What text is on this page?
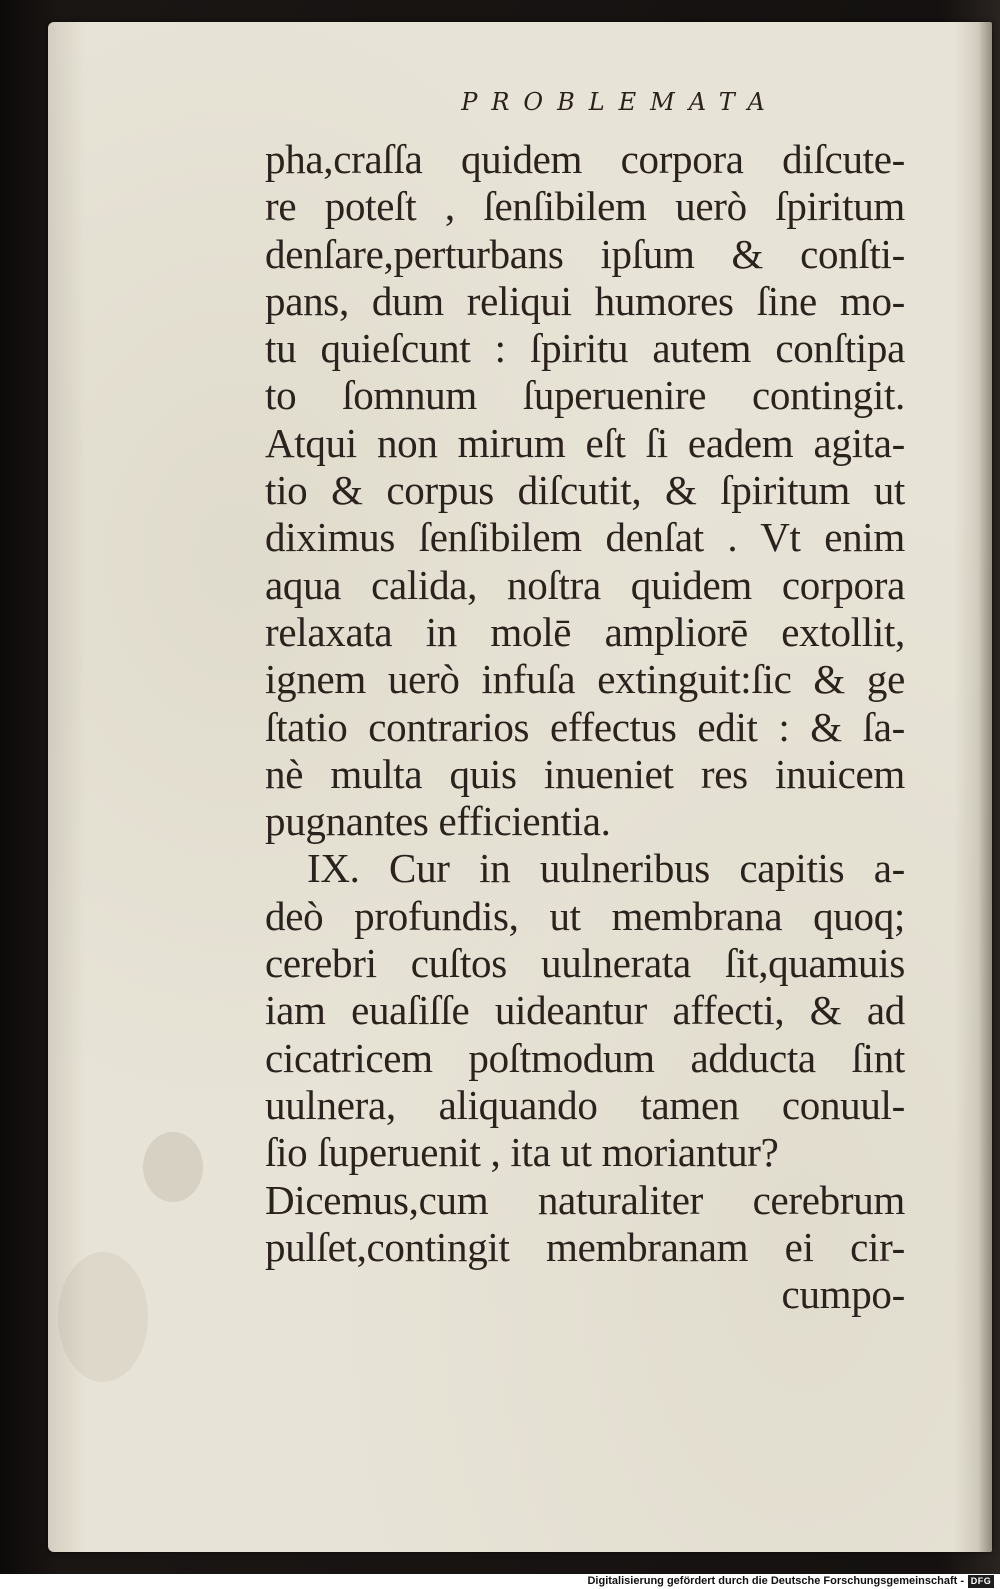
PROBLEMATA
pha,craſſa quidem corpora diſcute-
re poteſt , ſenſibilem uerò ſpiritum
denſare,perturbans ipſum & conſti-
pans, dum reliqui humores ſine mo-
tu quieſcunt : ſpiritu autem conſtipa
to ſomnum ſuperuenire contingit.
Atqui non mirum eſt ſi eadem agita-
tio & corpus diſcutit, & ſpiritum ut
diximus ſenſibilem denſat . Vt enim
aqua calida, noſtra quidem corpora
relaxata in molē ampliorē extollit,
ignem uerò infuſa extinguit:ſic & ge
ſtatio contrarios effectus edit : & ſa-
nè multa quis inueniet res inuicem
pugnantes efficientia.
IX. Cur in uulneribus capitis a-
deò profundis, ut membrana quoq;
cerebri cuſtos uulnerata ſit,quamuis
iam euaſiſſe uideantur affecti, & ad
cicatricem poſtmodum adducta ſint
uulnera, aliquando tamen conuul-
ſio ſuperuenit , ita ut moriantur?
Dicemus,cum naturaliter cerebrum
pulſet,contingit membranam ei cir-
cumpo-
Digitalisierung gefördert durch die Deutsche Forschungsgemeinschaft - DFG
